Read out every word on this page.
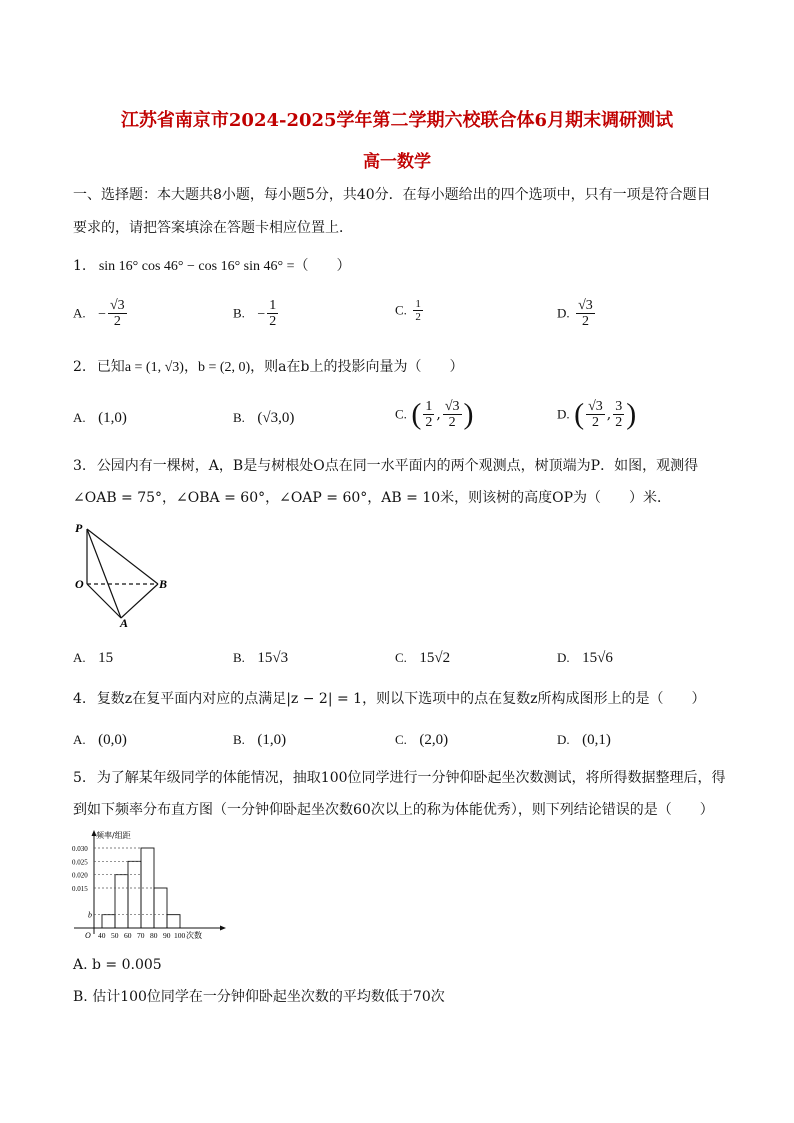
江苏省南京市2024-2025学年第二学期六校联合体6月期末调研测试
高一数学
一、选择题：本大题共8小题，每小题5分，共40分．在每小题给出的四个选项中，只有一项是符合题目
要求的，请把答案填涂在答题卡相应位置上．
1. sin 16° cos 46° − cos 16° sin 46° =（　　）
A. − $\frac{√3}{2}$	B. − $\frac{1}{2}$	C. $\frac{1}{2}$	D. $\frac{√3}{2}$
2. 已知a = (1, √3)，b = (2, 0)，则a在b上的投影向量为（　　）
A. (1,0)	B. (√3,0)	C. ( $\frac{1}{2}$ , $\frac{√3}{2}$ )	D. ( $\frac{√3}{2}$ , $\frac{3}{2}$ )
3. 公园内有一棵树，A，B是与树根处O点在同一水平面内的两个观测点，树顶端为P．如图，观测得
∠OAB = 75°，∠OBA = 60°，∠OAP = 60°，AB = 10米，则该树的高度OP为（　　）米．
P
O	B
A
A. 15	B. 15√3	C. 15√2	D. 15√6
4. 复数z在复平面内对应的点满足|z − 2| = 1，则以下选项中的点在复数z所构成图形上的是（　　）
A. (0,0)	B. (1,0)	C. (2,0)	D. (0,1)
5. 为了解某年级同学的体能情况，抽取100位同学进行一分钟仰卧起坐次数测试，将所得数据整理后，得
到如下频率分布直方图（一分钟仰卧起坐次数60次以上的称为体能优秀），则下列结论错误的是（　　）
频率/组距
0.030
0.025
0.020
0.015
b
40 50 60 70 80 90 100 次数
O
A. b = 0.005
B. 估计100位同学在一分钟仰卧起坐次数的平均数低于70次
